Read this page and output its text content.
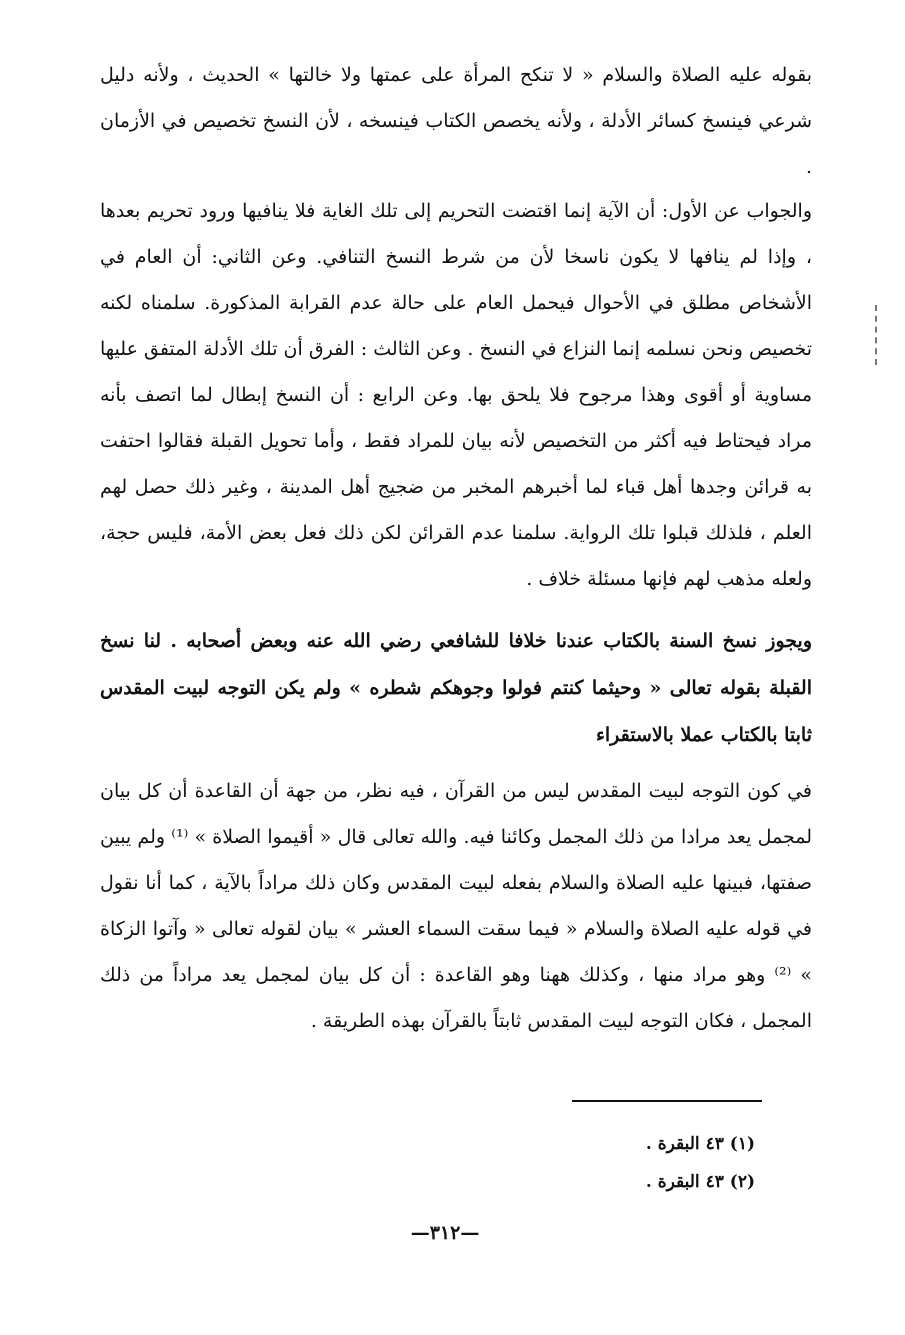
بقوله عليه الصلاة والسلام « لا تنكح المرأة على عمتها ولا خالتها » الحديث ، ولأنه دليل شرعي فينسخ كسائر الأدلة ، ولأنه يخصص الكتاب فينسخه ، لأن النسخ تخصيص في الأزمان .

والجواب عن الأول: أن الآية إنما اقتضت التحريم إلى تلك الغاية فلا ينافيها ورود تحريم بعدها ، وإذا لم ينافها لا يكون ناسخا لأن من شرط النسخ التنافي. وعن الثاني: أن العام في الأشخاص مطلق في الأحوال فيحمل العام على حالة عدم القرابة المذكورة. سلمناه لكنه تخصيص ونحن نسلمه إنما النزاع في النسخ . وعن الثالث : الفرق أن تلك الأدلة المتفق عليها مساوية أو أقوى وهذا مرجوح فلا يلحق بها. وعن الرابع : أن النسخ إبطال لما اتصف بأنه مراد فيحتاط فيه أكثر من التخصيص لأنه بيان للمراد فقط ، وأما تحويل القبلة فقالوا احتفت به قرائن وجدها أهل قباء لما أخبرهم المخبر من ضجيج أهل المدينة ، وغير ذلك حصل لهم العلم ، فلذلك قبلوا تلك الرواية. سلمنا عدم القرائن لكن ذلك فعل بعض الأمة، فليس حجة، ولعله مذهب لهم فإنها مسئلة خلاف .

ويجوز نسخ السنة بالكتاب عندنا خلافا للشافعي رضي الله عنه وبعض أصحابه . لنا نسخ القبلة بقوله تعالى « وحيثما كنتم فولوا وجوهكم شطره » ولم يكن التوجه لبيت المقدس ثابتا بالكتاب عملا بالاستقراء

في كون التوجه لبيت المقدس ليس من القرآن ، فيه نظر، من جهة أن القاعدة أن كل بيان لمجمل يعد مرادا من ذلك المجمل وكائنا فيه. والله تعالى قال « أقيموا الصلاة » ⁽¹⁾ ولم يبين صفتها، فبينها عليه الصلاة والسلام بفعله لبيت المقدس وكان ذلك مراداً بالآية ، كما أنا نقول في قوله عليه الصلاة والسلام « فيما سقت السماء العشر » بيان لقوله تعالى « وآتوا الزكاة » ⁽²⁾ وهو مراد منها ، وكذلك ههنا وهو القاعدة : أن كل بيان لمجمل يعد مراداً من ذلك المجمل ، فكان التوجه لبيت المقدس ثابتاً بالقرآن بهذه الطريقة .

(١) ٤٣ البقرة .
(٢) ٤٣ البقرة .
—٣١٢—
